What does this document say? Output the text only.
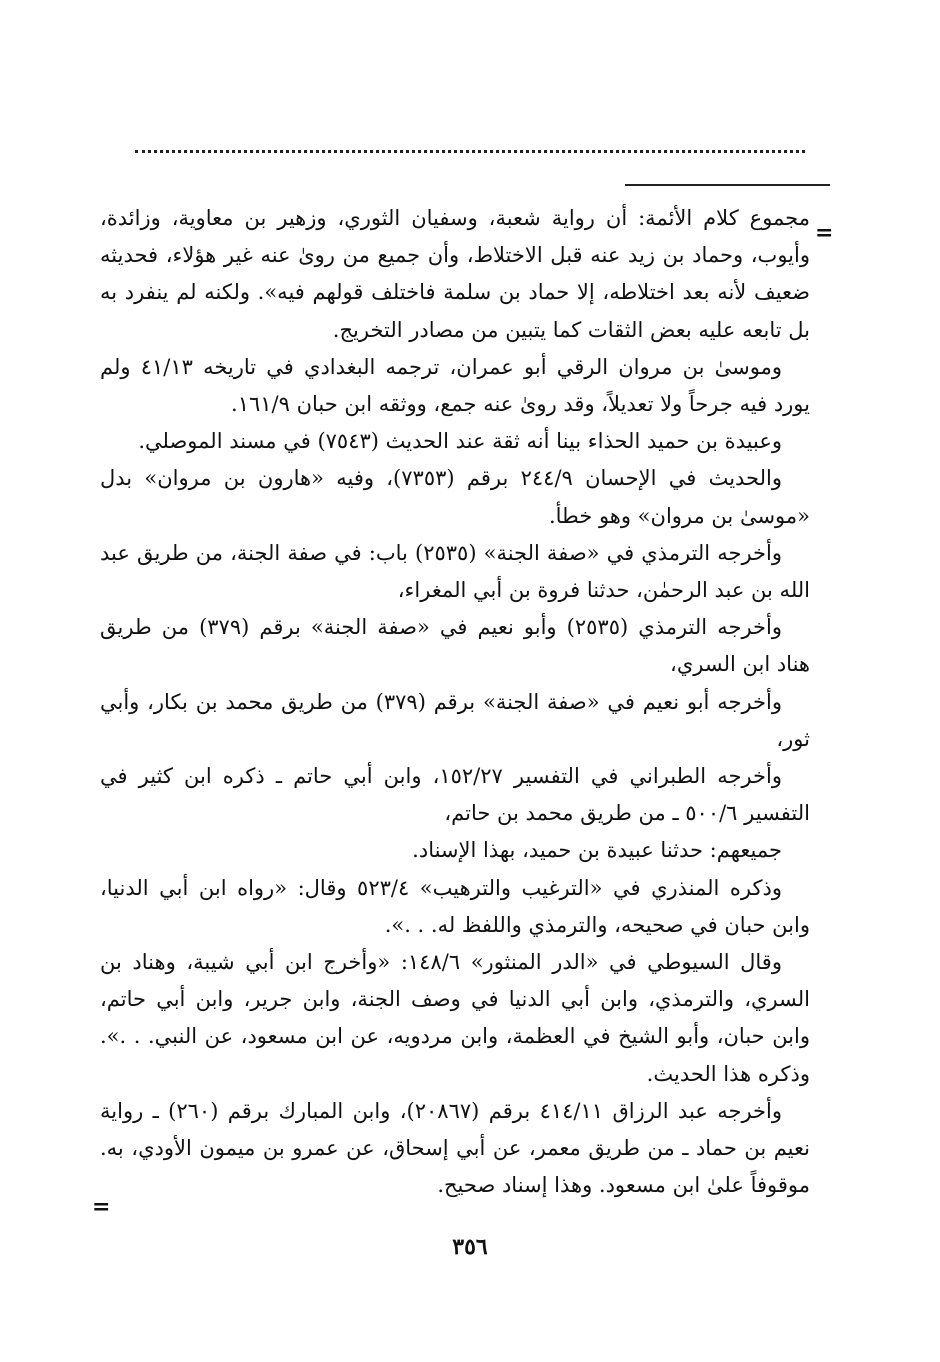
=

مجموع كلام الأئمة: أن رواية شعبة، وسفيان الثوري، وزهير بن معاوية، وزائدة، وأيوب، وحماد بن زيد عنه قبل الاختلاط، وأن جميع من روىٰ عنه غير هؤلاء، فحديثه ضعيف لأنه بعد اختلاطه، إلا حماد بن سلمة فاختلف قولهم فيه». ولكنه لم ينفرد به بل تابعه عليه بعض الثقات كما يتبين من مصادر التخريج.

وموسىٰ بن مروان الرقي أبو عمران، ترجمه البغدادي في تاريخه ٤١/١٣ ولم يورد فيه جرحاً ولا تعديلاً، وقد روىٰ عنه جمع، ووثقه ابن حبان ١٦١/٩.

وعبيدة بن حميد الحذاء بينا أنه ثقة عند الحديث (٧٥٤٣) في مسند الموصلي.

والحديث في الإحسان ٢٤٤/٩ برقم (٧٣٥٣)، وفيه «هارون بن مروان» بدل «موسىٰ بن مروان» وهو خطأ.

وأخرجه الترمذي في «صفة الجنة» (٢٥٣٥) باب: في صفة الجنة، من طريق عبد الله بن عبد الرحمٰن، حدثنا فروة بن أبي المغراء،

وأخرجه الترمذي (٢٥٣٥) وأبو نعيم في «صفة الجنة» برقم (٣٧٩) من طريق هناد ابن السري،

وأخرجه أبو نعيم في «صفة الجنة» برقم (٣٧٩) من طريق محمد بن بكار، وأبي ثور،

وأخرجه الطبراني في التفسير ١٥٢/٢٧، وابن أبي حاتم ـ ذكره ابن كثير في التفسير ٥٠٠/٦ ـ من طريق محمد بن حاتم،

جميعهم: حدثنا عبيدة بن حميد، بهذا الإسناد.

وذكره المنذري في «الترغيب والترهيب» ٥٢٣/٤ وقال: «رواه ابن أبي الدنيا، وابن حبان في صحيحه، والترمذي واللفظ له. . .».

وقال السيوطي في «الدر المنثور» ١٤٨/٦: «وأخرج ابن أبي شيبة، وهناد بن السري، والترمذي، وابن أبي الدنيا في وصف الجنة، وابن جرير، وابن أبي حاتم، وابن حبان، وأبو الشيخ في العظمة، وابن مردويه، عن ابن مسعود، عن النبي. . .». وذكره هذا الحديث.

وأخرجه عبد الرزاق ٤١٤/١١ برقم (٢٠٨٦٧)، وابن المبارك برقم (٢٦٠) ـ رواية نعيم بن حماد ـ من طريق معمر، عن أبي إسحاق، عن عمرو بن ميمون الأودي، به. موقوفاً علىٰ ابن مسعود. وهذا إسناد صحيح.

=
٣٥٦
